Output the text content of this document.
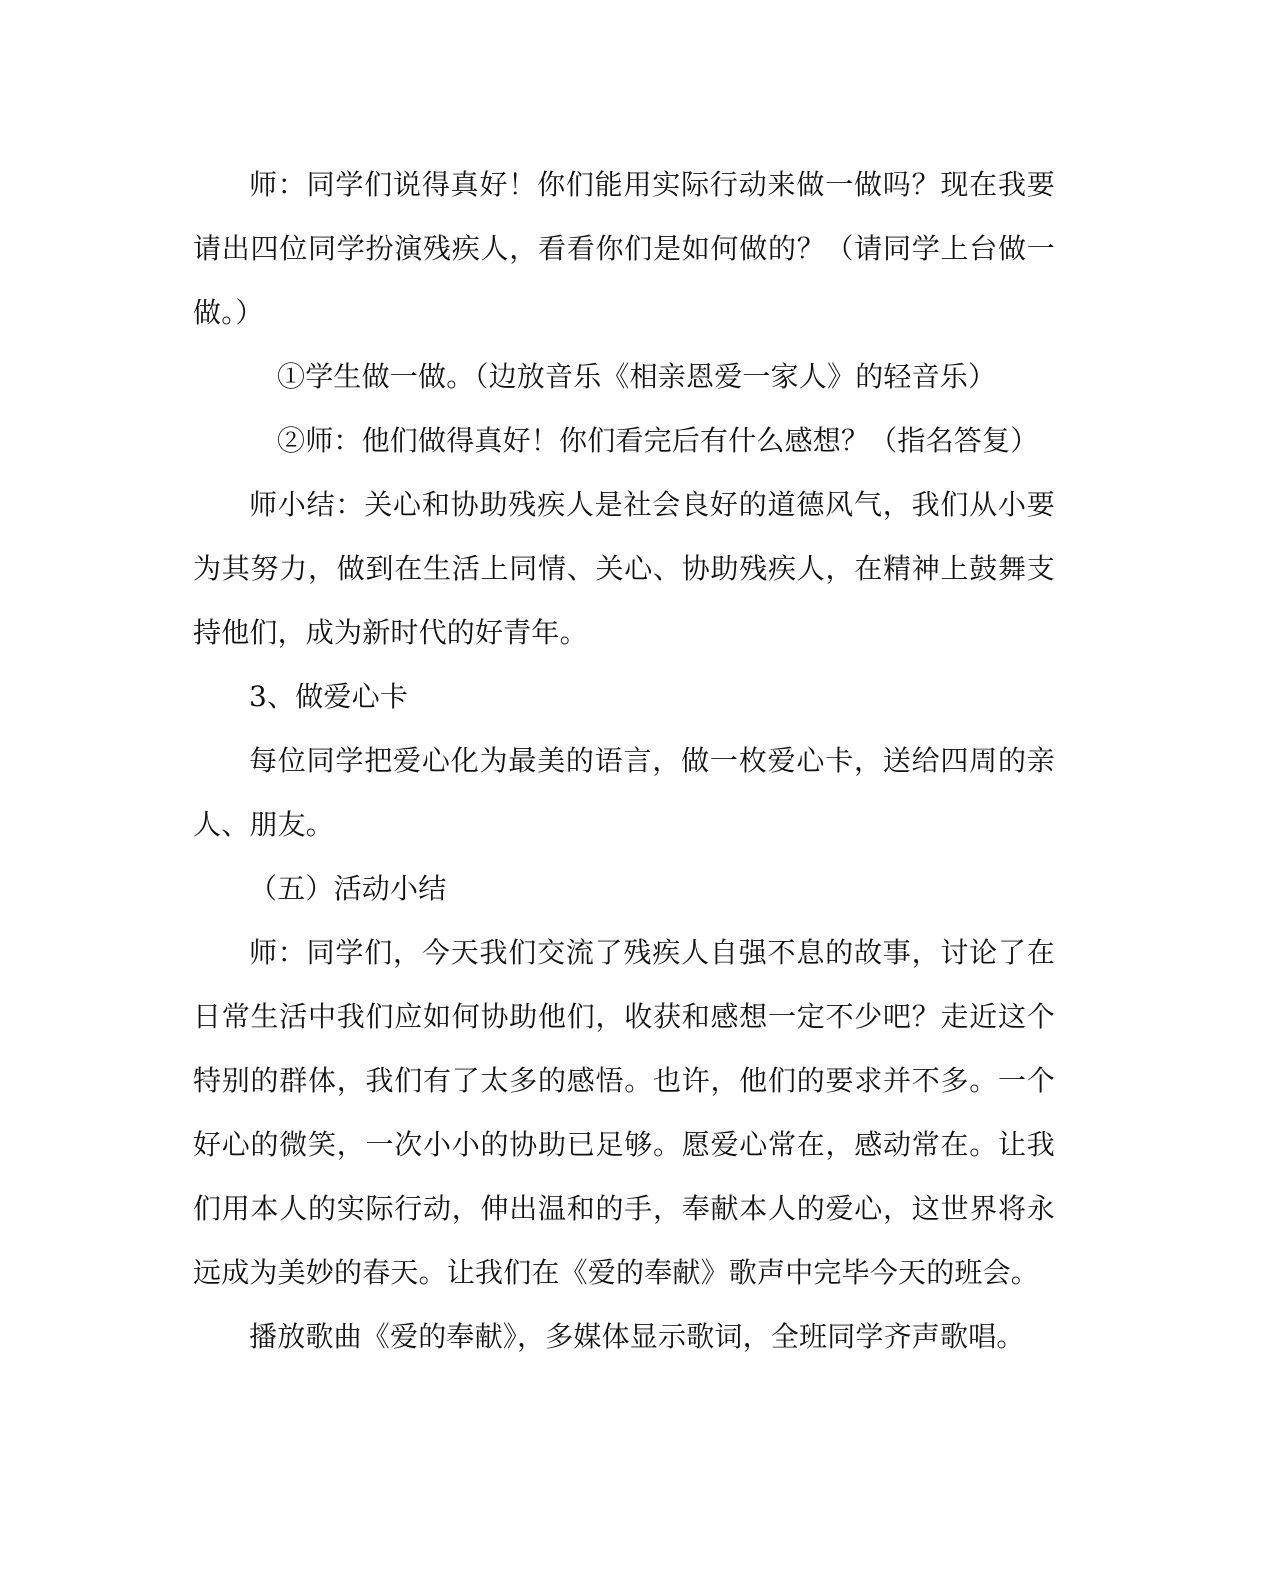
师：同学们说得真好！你们能用实际行动来做一做吗？现在我要请出四位同学扮演残疾人，看看你们是如何做的？（请同学上台做一做。）

①学生做一做。（边放音乐《相亲恩爱一家人》的轻音乐）

②师：他们做得真好！你们看完后有什么感想？（指名答复）

师小结：关心和协助残疾人是社会良好的道德风气，我们从小要为其努力，做到在生活上同情、关心、协助残疾人，在精神上鼓舞支持他们，成为新时代的好青年。

3、做爱心卡

每位同学把爱心化为最美的语言，做一枚爱心卡，送给四周的亲人、朋友。

（五）活动小结

师：同学们，今天我们交流了残疾人自强不息的故事，讨论了在日常生活中我们应如何协助他们，收获和感想一定不少吧？走近这个特别的群体，我们有了太多的感悟。也许，他们的要求并不多。一个好心的微笑，一次小小的协助已足够。愿爱心常在，感动常在。让我们用本人的实际行动，伸出温和的手，奉献本人的爱心，这世界将永远成为美妙的春天。让我们在《爱的奉献》歌声中完毕今天的班会。

播放歌曲《爱的奉献》，多媒体显示歌词，全班同学齐声歌唱。
